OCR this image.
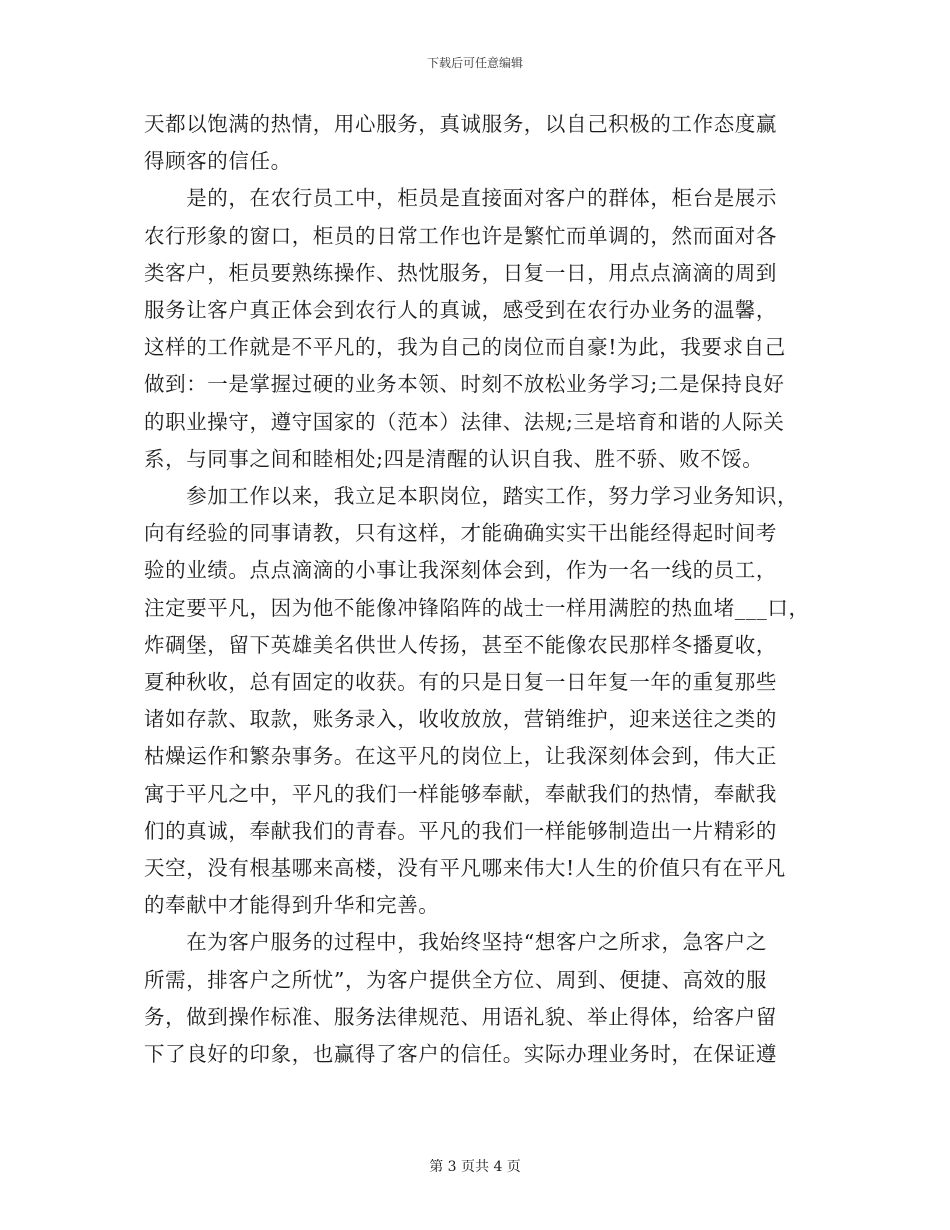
下载后可任意编辑
天都以饱满的热情，用心服务，真诚服务，以自己积极的工作态度赢
得顾客的信任。
　　是的，在农行员工中，柜员是直接面对客户的群体，柜台是展示
农行形象的窗口，柜员的日常工作也许是繁忙而单调的，然而面对各
类客户，柜员要熟练操作、热忱服务，日复一日，用点点滴滴的周到
服务让客户真正体会到农行人的真诚，感受到在农行办业务的温馨，
这样的工作就是不平凡的，我为自己的岗位而自豪!为此，我要求自己
做到：一是掌握过硬的业务本领、时刻不放松业务学习;二是保持良好
的职业操守，遵守国家的（范本）法律、法规;三是培育和谐的人际关
系，与同事之间和睦相处;四是清醒的认识自我、胜不骄、败不馁。
　　参加工作以来，我立足本职岗位，踏实工作，努力学习业务知识，
向有经验的同事请教，只有这样，才能确确实实干出能经得起时间考
验的业绩。点点滴滴的小事让我深刻体会到，作为一名一线的员工，
注定要平凡，因为他不能像冲锋陷阵的战士一样用满腔的热血堵___口，
炸碉堡，留下英雄美名供世人传扬，甚至不能像农民那样冬播夏收，
夏种秋收，总有固定的收获。有的只是日复一日年复一年的重复那些
诸如存款、取款，账务录入，收收放放，营销维护，迎来送往之类的
枯燥运作和繁杂事务。在这平凡的岗位上，让我深刻体会到，伟大正
寓于平凡之中，平凡的我们一样能够奉献，奉献我们的热情，奉献我
们的真诚，奉献我们的青春。平凡的我们一样能够制造出一片精彩的
天空，没有根基哪来高楼，没有平凡哪来伟大!人生的价值只有在平凡
的奉献中才能得到升华和完善。
　　在为客户服务的过程中，我始终坚持“想客户之所求，急客户之
所需，排客户之所忧”，为客户提供全方位、周到、便捷、高效的服
务，做到操作标准、服务法律规范、用语礼貌、举止得体，给客户留
下了良好的印象，也赢得了客户的信任。实际办理业务时，在保证遵
第 3 页共 4 页
